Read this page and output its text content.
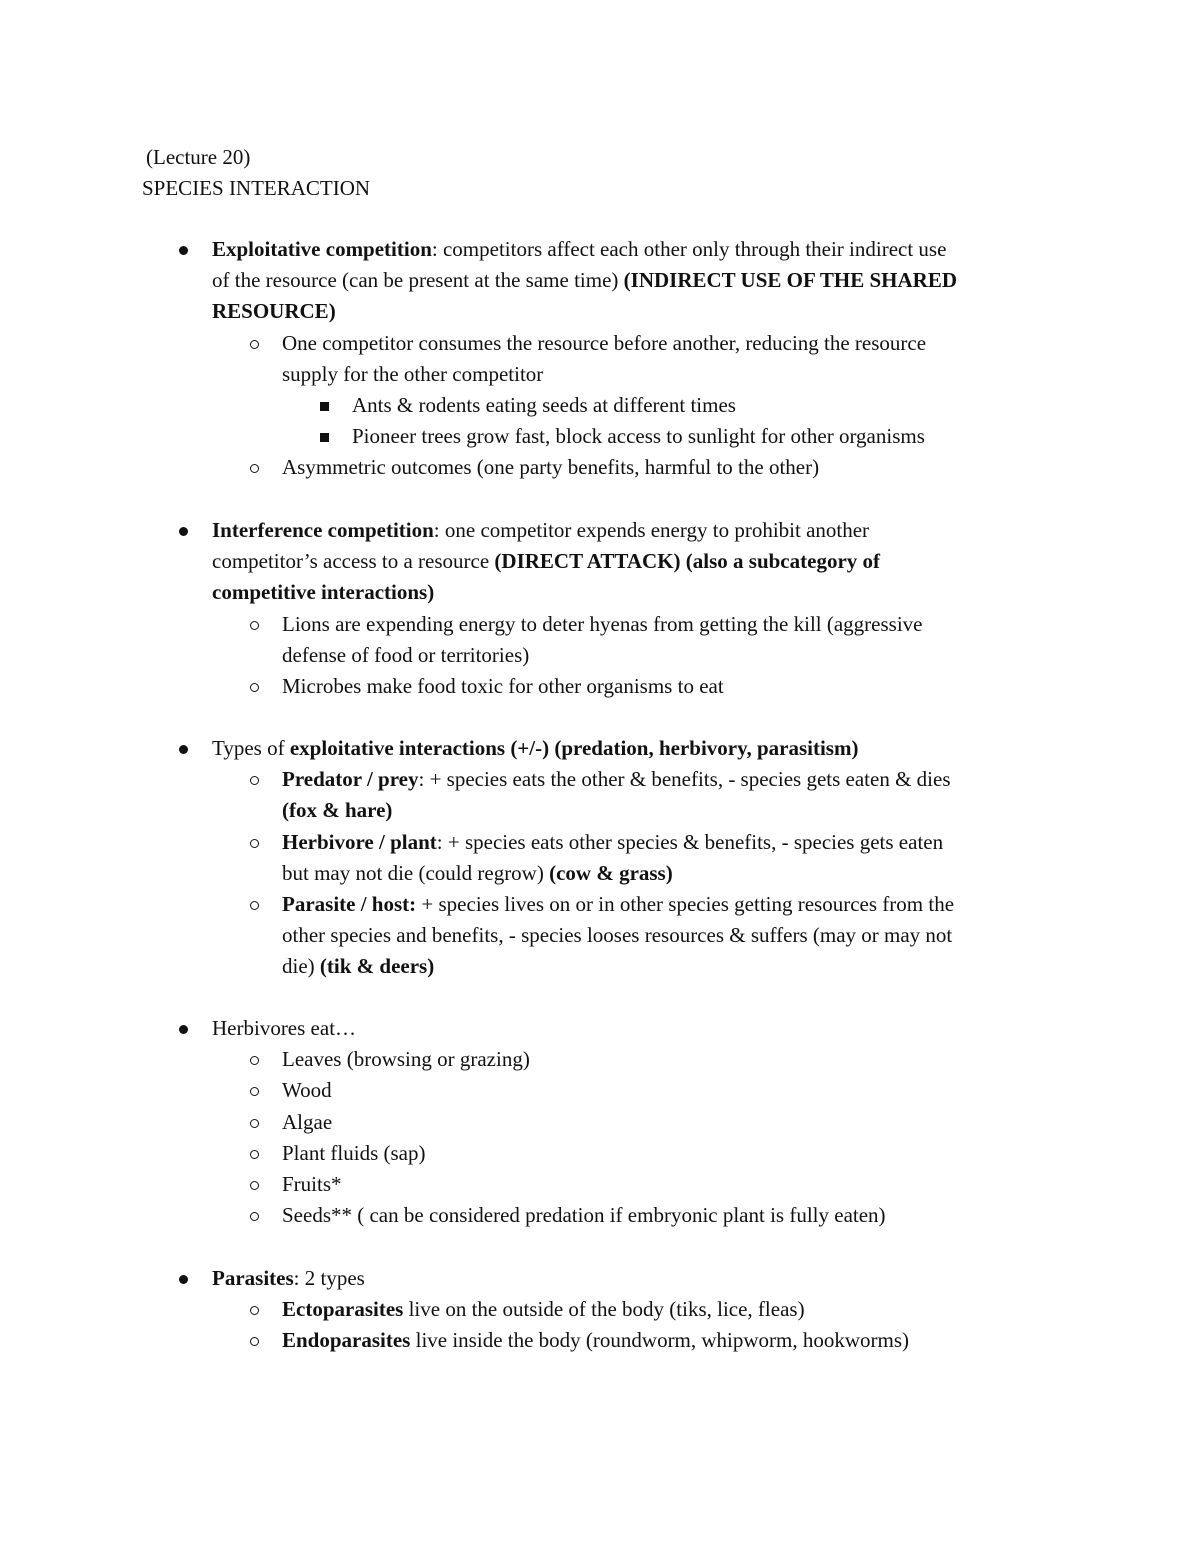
(Lecture 20)
SPECIES INTERACTION
Exploitative competition: competitors affect each other only through their indirect use
of the resource (can be present at the same time) (INDIRECT USE OF THE SHARED
RESOURCE)
One competitor consumes the resource before another, reducing the resource
supply for the other competitor
Ants & rodents eating seeds at different times
Pioneer trees grow fast, block access to sunlight for other organisms
Asymmetric outcomes (one party benefits, harmful to the other)
Interference competition: one competitor expends energy to prohibit another
competitor’s access to a resource (DIRECT ATTACK) (also a subcategory of
competitive interactions)
Lions are expending energy to deter hyenas from getting the kill (aggressive
defense of food or territories)
Microbes make food toxic for other organisms to eat
Types of exploitative interactions (+/-) (predation, herbivory, parasitism)
Predator / prey: + species eats the other & benefits, - species gets eaten & dies
(fox & hare)
Herbivore / plant: + species eats other species & benefits, - species gets eaten
but may not die (could regrow) (cow & grass)
Parasite / host: + species lives on or in other species getting resources from the
other species and benefits, - species looses resources & suffers (may or may not
die) (tik & deers)
Herbivores eat…
Leaves (browsing or grazing)
Wood
Algae
Plant fluids (sap)
Fruits*
Seeds** ( can be considered predation if embryonic plant is fully eaten)
Parasites: 2 types
Ectoparasites live on the outside of the body (tiks, lice, fleas)
Endoparasites live inside the body (roundworm, whipworm, hookworms)
